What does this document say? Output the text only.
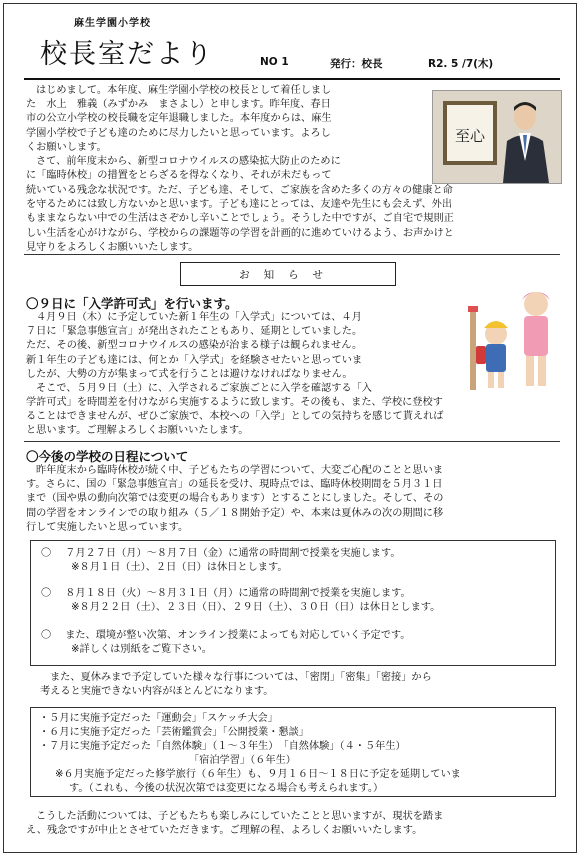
麻生学園小学校
校長室だより	NO 1	発行：校長	R2. 5 /7(木)
至心

はじめまして。本年度、麻生学園小学校の校長として着任しまし

た　水上　雅義（みずかみ　まさよし）と申します。昨年度、春日

市の公立小学校の校長職を定年退職しました。本年度からは、麻生

学園小学校で子ども達のために尽力したいと思っています。よろし

くお願いします。

さて、前年度末から、新型コロナウイルスの感染拡大防止のために

に「臨時休校」の措置をとらざるを得なくなり、それが未だもって

続いている残念な状況です。ただ、子ども達、そして、ご家族を含めた多くの方々の健康と命

を守るためには致し方ないかと思います。子ども達にとっては、友達や先生にも会えず、外出

もままならない中での生活はさぞかし辛いことでしょう。そうした中ですが、ご自宅で規則正

しい生活を心がけながら、学校からの課題等の学習を計画的に進めていけるよう、お声かけと

見守りをよろしくお願いいたします。

お知らせ
〇９日に「入学許可式」を行います。

４月９日（木）に予定していた新１年生の「入学式」については、４月

７日に「緊急事態宣言」が発出されたこともあり、延期としていました。

ただ、その後、新型コロナウイルスの感染が治まる様子は観られません。

新１年生の子ども達には、何とか「入学式」を経験させたいと思っていま

したが、大勢の方が集まって式を行うことは避けなければなりません。

そこで、５月９日（土）に、入学されるご家族ごとに入学を確認する「入

学許可式」を時間差を付けながら実施するように致します。その後も、また、学校に登校す

ることはできませんが、ぜひご家族で、本校への「入学」としての気持ちを感じて貰えれば

と思います。ご理解よろしくお願いいたします。

〇今後の学校の日程について

昨年度末から臨時休校が続く中、子どもたちの学習について、大変ご心配のことと思いま

す。さらに、国の「緊急事態宣言」の延長を受け、現時点では、臨時休校期間を５月３１日

まで（国や県の動向次第では変更の場合もあります）とすることにしました。そして、その

間の学習をオンラインでの取り組み（５／１８開始予定）や、本来は夏休みの次の期間に移

行して実施したいと思っています。

〇 ７月２７日（月）～８月７日（金）に通常の時間割で授業を実施します。
※８月１日（土）、２日（日）は休日とします。
〇 ８月１８日（火）～８月３１日（月）に通常の時間割で授業を実施します。
※８月２２日（土）、２３日（日）、２９日（土）、３０日（日）は休日とします。
〇 また、環境が整い次第、オンライン授業によっても対応していく予定です。
※詳しくは別紙をご覧下さい。

また、夏休みまで予定していた様々な行事については、「密閉」「密集」「密接」から

考えると実施できない内容がほとんどになります。

・５月に実施予定だった「運動会」「スケッチ大会」
・６月に実施予定だった「芸術鑑賞会」「公開授業・懇談」
・７月に実施予定だった「自然体験」（１～３年生）　「自然体験」（４・５年生）
「宿泊学習」（６年生）
※６月実施予定だった修学旅行（６年生）も、９月１６日～１８日に予定を延期していま
す。（これも、今後の状況次第では変更になる場合も考えられます。）

こうした活動については、子どもたちも楽しみにしていたことと思いますが、現状を踏ま

え、残念ですが中止とさせていただきます。ご理解の程、よろしくお願いいたします。
